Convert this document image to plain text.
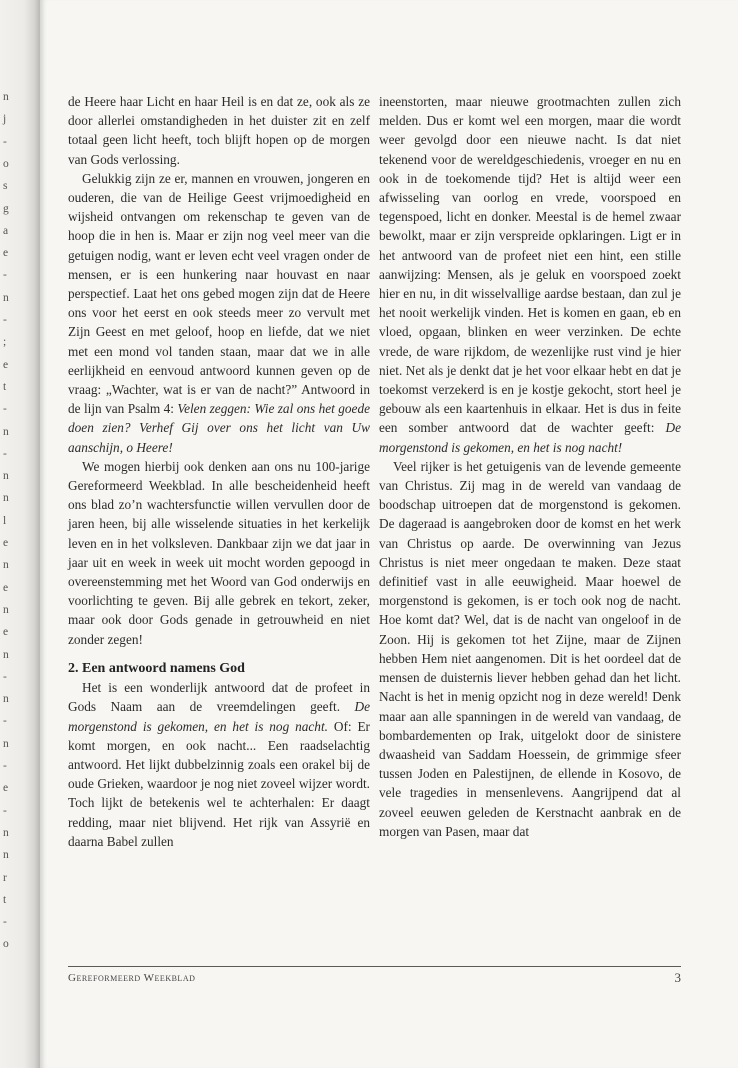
n
j
-
o
s
g
a
e
-
n
-
;
e
t
-
n
-
n
n
l
e
n
e
n
e
n
-
n
-
n
-
e
-
n
n
r
t
-
o

de Heere haar Licht en haar Heil is en dat ze, ook als ze door allerlei omstandigheden in het duister zit en zelf totaal geen licht heeft, toch blijft hopen op de morgen van Gods verlossing.

Gelukkig zijn ze er, mannen en vrouwen, jongeren en ouderen, die van de Heilige Geest vrijmoedigheid en wijsheid ontvangen om rekenschap te geven van de hoop die in hen is. Maar er zijn nog veel meer van die getuigen nodig, want er leven echt veel vragen onder de mensen, er is een hunkering naar houvast en naar perspectief. Laat het ons gebed mogen zijn dat de Heere ons voor het eerst en ook steeds meer zo vervult met Zijn Geest en met geloof, hoop en liefde, dat we niet met een mond vol tanden staan, maar dat we in alle eerlijkheid en eenvoud antwoord kunnen geven op de vraag: „Wachter, wat is er van de nacht?” Antwoord in de lijn van Psalm 4: Velen zeggen: Wie zal ons het goede doen zien? Verhef Gij over ons het licht van Uw aanschijn, o Heere!

We mogen hierbij ook denken aan ons nu 100-jarige Gereformeerd Weekblad. In alle bescheidenheid heeft ons blad zo’n wachtersfunctie willen vervullen door de jaren heen, bij alle wisselende situaties in het kerkelijk leven en in het volksleven. Dankbaar zijn we dat jaar in jaar uit en week in week uit mocht worden gepoogd in overeenstemming met het Woord van God onderwijs en voorlichting te geven. Bij alle gebrek en tekort, zeker, maar ook door Gods genade in getrouwheid en niet zonder zegen!

2. Een antwoord namens God

Het is een wonderlijk antwoord dat de profeet in Gods Naam aan de vreemdelingen geeft. De morgenstond is gekomen, en het is nog nacht. Of: Er komt morgen, en ook nacht... Een raadselachtig antwoord. Het lijkt dubbelzinnig zoals een orakel bij de oude Grieken, waardoor je nog niet zoveel wijzer wordt. Toch lijkt de betekenis wel te achterhalen: Er daagt redding, maar niet blijvend. Het rijk van Assyrië en daarna Babel zullen

ineenstorten, maar nieuwe grootmachten zullen zich melden. Dus er komt wel een morgen, maar die wordt weer gevolgd door een nieuwe nacht. Is dat niet tekenend voor de wereldgeschiedenis, vroeger en nu en ook in de toekomende tijd? Het is altijd weer een afwisseling van oorlog en vrede, voorspoed en tegenspoed, licht en donker. Meestal is de hemel zwaar bewolkt, maar er zijn verspreide opklaringen. Ligt er in het antwoord van de profeet niet een hint, een stille aanwijzing: Mensen, als je geluk en voorspoed zoekt hier en nu, in dit wisselvallige aardse bestaan, dan zul je het nooit werkelijk vinden. Het is komen en gaan, eb en vloed, opgaan, blinken en weer verzinken. De echte vrede, de ware rijkdom, de wezenlijke rust vind je hier niet. Net als je denkt dat je het voor elkaar hebt en dat je toekomst verzekerd is en je kostje gekocht, stort heel je gebouw als een kaartenhuis in elkaar. Het is dus in feite een somber antwoord dat de wachter geeft: De morgenstond is gekomen, en het is nog nacht!

Veel rijker is het getuigenis van de levende gemeente van Christus. Zij mag in de wereld van vandaag de boodschap uitroepen dat de morgenstond is gekomen. De dageraad is aangebroken door de komst en het werk van Christus op aarde. De overwinning van Jezus Christus is niet meer ongedaan te maken. Deze staat definitief vast in alle eeuwigheid. Maar hoewel de morgenstond is gekomen, is er toch ook nog de nacht. Hoe komt dat? Wel, dat is de nacht van ongeloof in de Zoon. Hij is gekomen tot het Zijne, maar de Zijnen hebben Hem niet aangenomen. Dit is het oordeel dat de mensen de duisternis liever hebben gehad dan het licht. Nacht is het in menig opzicht nog in deze wereld! Denk maar aan alle spanningen in de wereld van vandaag, de bombardementen op Irak, uitgelokt door de sinistere dwaasheid van Saddam Hoessein, de grimmige sfeer tussen Joden en Palestijnen, de ellende in Kosovo, de vele tragedies in mensenlevens. Aangrijpend dat al zoveel eeuwen geleden de Kerstnacht aanbrak en de morgen van Pasen, maar dat

Gereformeerd Weekblad	3
